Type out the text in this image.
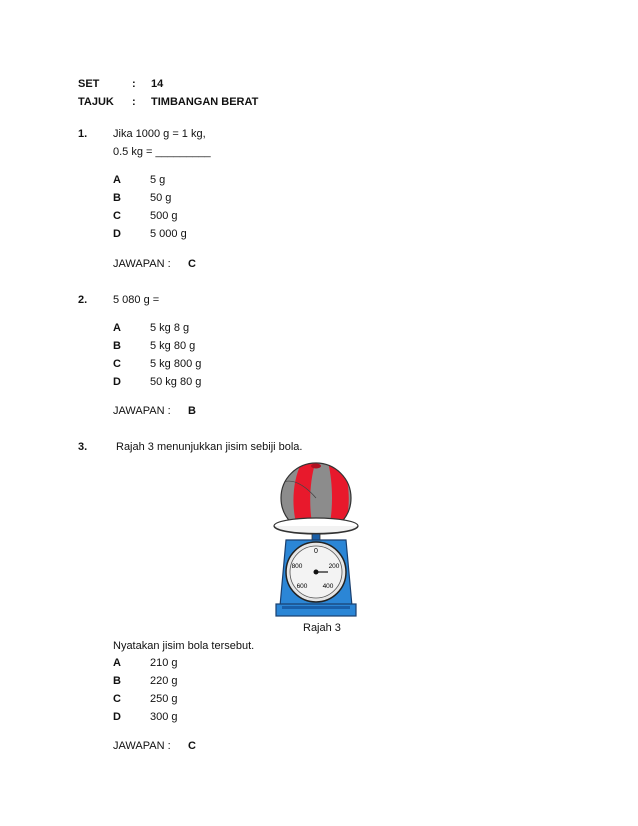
SET	: 14
TAJUK : TIMBANGAN BERAT
1. Jika 1000 g = 1 kg,
0.5 kg = _________
A	5 g
B	50 g
C	500 g
D	5 000 g
JAWAPAN : C
2. 5 080 g =
A	5 kg 8 g
B	5 kg 80 g
C	5 kg 800 g
D	50 kg 80 g
JAWAPAN : B
3.	Rajah 3 menunjukkan jisim sebiji bola.
0
200
400
600
800
Rajah 3
Nyatakan jisim bola tersebut.
A	210 g
B	220 g
C	250 g
D	300 g
JAWAPAN : C
